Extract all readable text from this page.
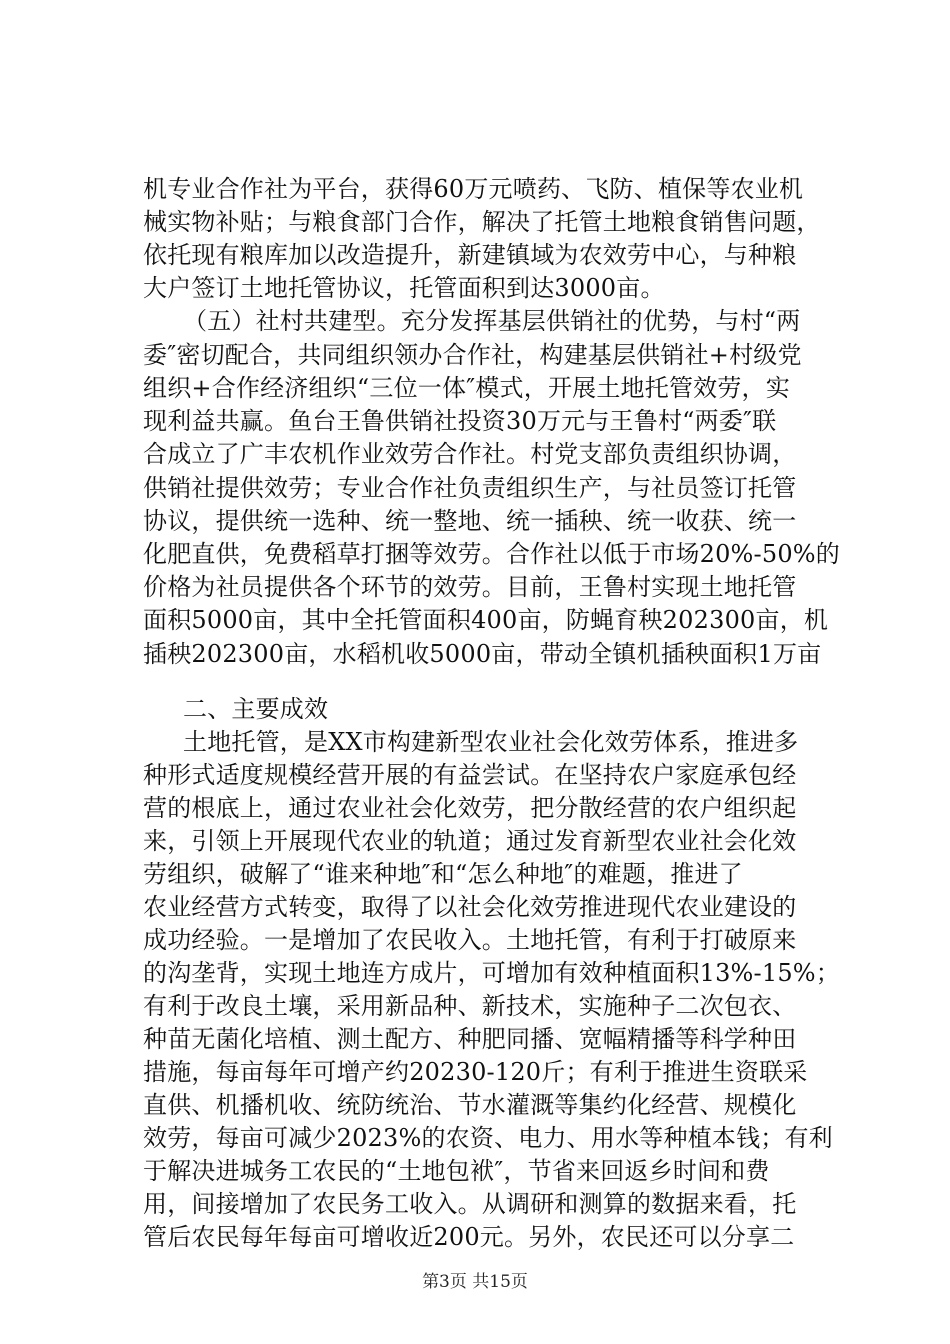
机专业合作社为平台，获得60万元喷药、飞防、植保等农业机
械实物补贴；与粮食部门合作，解决了托管土地粮食销售问题，
依托现有粮库加以改造提升，新建镇域为农效劳中心，与种粮
大户签订土地托管协议，托管面积到达3000亩。
（五）社村共建型。充分发挥基层供销社的优势，与村“两
委″密切配合，共同组织领办合作社，构建基层供销社+村级党
组织+合作经济组织“三位一体″模式，开展土地托管效劳，实
现利益共赢。鱼台王鲁供销社投资30万元与王鲁村“两委″联
合成立了广丰农机作业效劳合作社。村党支部负责组织协调，
供销社提供效劳；专业合作社负责组织生产，与社员签订托管
协议，提供统一选种、统一整地、统一插秧、统一收获、统一
化肥直供，免费稻草打捆等效劳。合作社以低于市场20%-50%的
价格为社员提供各个环节的效劳。目前，王鲁村实现土地托管
面积5000亩，其中全托管面积400亩，防蝇育秧202300亩，机
插秧202300亩，水稻机收5000亩，带动全镇机插秧面积1万亩
二、主要成效
土地托管，是XX市构建新型农业社会化效劳体系，推进多
种形式适度规模经营开展的有益尝试。在坚持农户家庭承包经
营的根底上，通过农业社会化效劳，把分散经营的农户组织起
来，引领上开展现代农业的轨道；通过发育新型农业社会化效
劳组织，破解了“谁来种地″和“怎么种地″的难题，推进了
农业经营方式转变，取得了以社会化效劳推进现代农业建设的
成功经验。一是增加了农民收入。土地托管，有利于打破原来
的沟垄背，实现土地连方成片，可增加有效种植面积13%-15%；
有利于改良土壤，采用新品种、新技术，实施种子二次包衣、
种苗无菌化培植、测土配方、种肥同播、宽幅精播等科学种田
措施，每亩每年可增产约20230-120斤；有利于推进生资联采
直供、机播机收、统防统治、节水灌溉等集约化经营、规模化
效劳，每亩可减少2023%的农资、电力、用水等种植本钱；有利
于解决进城务工农民的“土地包袱″，节省来回返乡时间和费
用，间接增加了农民务工收入。从调研和测算的数据来看，托
管后农民每年每亩可增收近200元。另外，农民还可以分享二
第3页 共15页
